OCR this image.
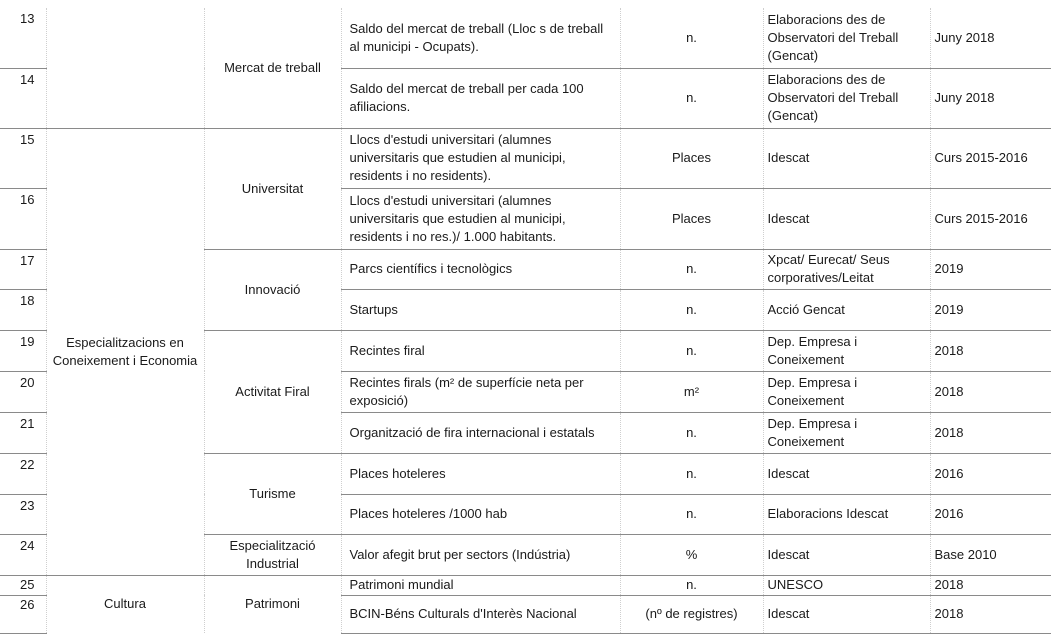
13		Mercat de treball	Saldo del mercat de treball (Lloc s de treball al municipi - Ocupats).	n.	Elaboracions des de Observatori del Treball (Gencat)	Juny 2018
14			Saldo del mercat de treball per cada 100 afiliacions.	n.	Elaboracions des de Observatori del Treball (Gencat)	Juny 2018
15	Especialitzacions en Coneixement i Economia	Universitat	Llocs d'estudi universitari (alumnes universitaris que estudien al municipi, residents i no residents).	Places	Idescat	Curs 2015-2016
16			Llocs d'estudi universitari (alumnes universitaris que estudien al municipi, residents i no res.)/ 1.000 habitants.	Places	Idescat	Curs 2015-2016
17		Innovació	Parcs científics i tecnològics	n.	Xpcat/ Eurecat/ Seus corporatives/Leitat	2019
18			Startups	n.	Acció Gencat	2019
19		Activitat Firal	Recintes firal	n.	Dep. Empresa i Coneixement	2018
20			Recintes firals (m² de superfície neta per exposició)	m²	Dep. Empresa i Coneixement	2018
21			Organització de fira internacional i estatals	n.	Dep. Empresa i Coneixement	2018
22		Turisme	Places hoteleres	n.	Idescat	2016
23			Places hoteleres /1000 hab	n.	Elaboracions Idescat	2016
24		Especialització Industrial	Valor afegit brut per sectors (Indústria)	%	Idescat	Base 2010
25	Cultura	Patrimoni	Patrimoni mundial	n.	UNESCO	2018
26			BCIN-Béns Culturals d'Interès Nacional	(nº de registres)	Idescat	2018
